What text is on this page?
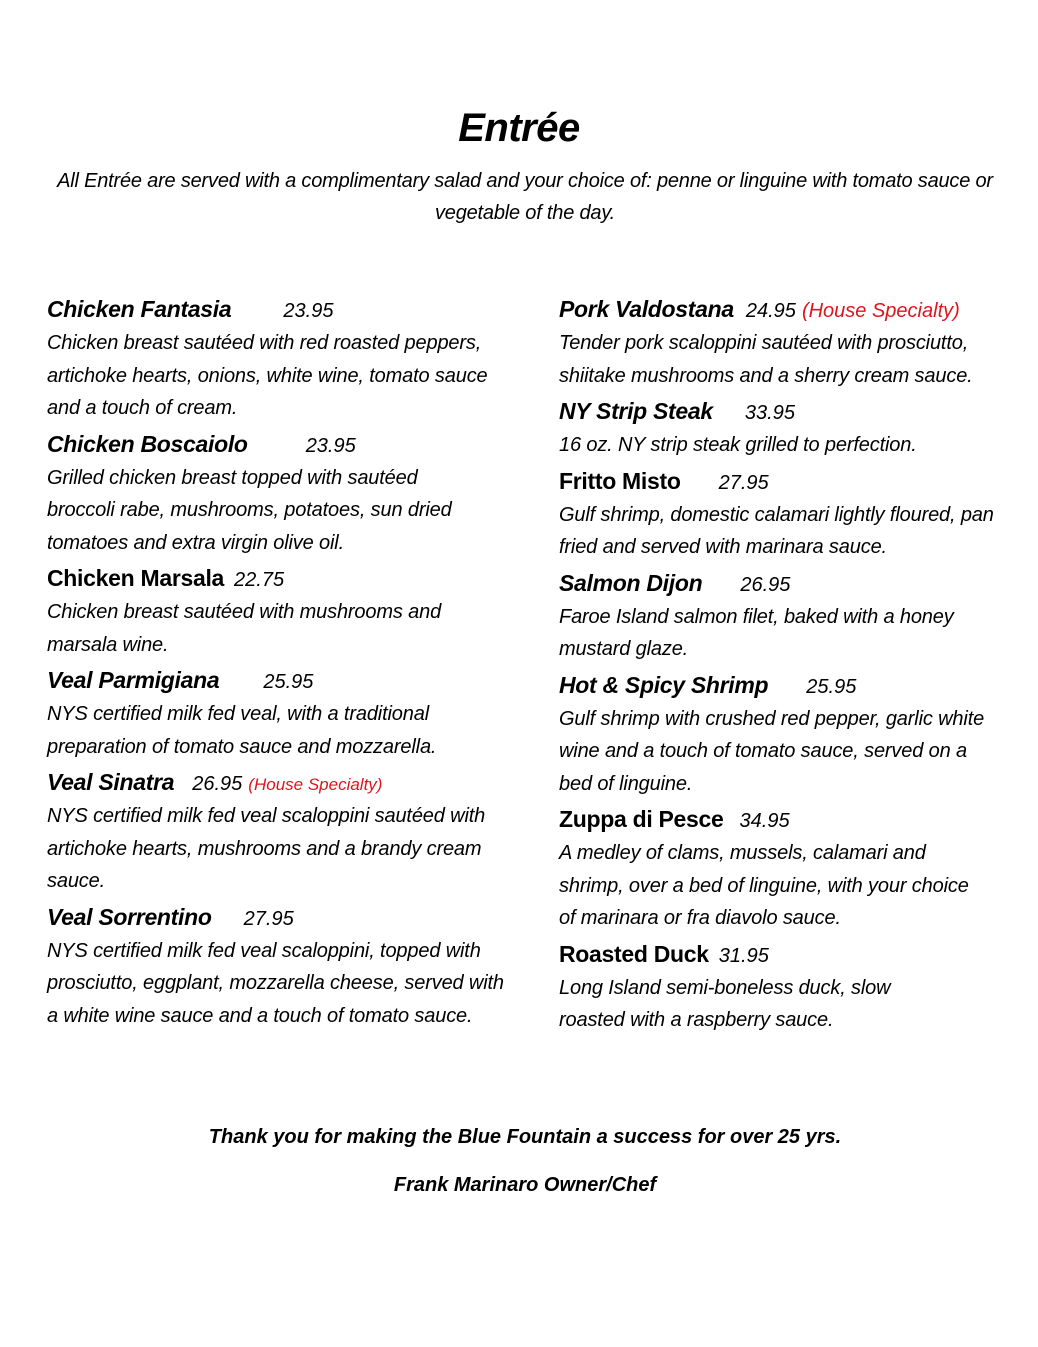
Entrée
All Entrée are served with a complimentary salad and your choice of: penne or linguine with tomato sauce or vegetable of the day.
Chicken Fantasia	23.95
Chicken breast sautéed with red roasted peppers, artichoke hearts, onions, white wine, tomato sauce and a touch of cream.
Chicken Boscaiolo	23.95
Grilled chicken breast topped with sautéed broccoli rabe, mushrooms, potatoes, sun dried tomatoes and extra virgin olive oil.
Chicken Marsala 22.75
Chicken breast sautéed with mushrooms and marsala wine.
Veal Parmigiana 25.95
NYS certified milk fed veal, with a traditional preparation of tomato sauce and mozzarella.
Veal Sinatra 26.95 (House Specialty)
NYS certified milk fed veal scaloppini sautéed with artichoke hearts, mushrooms and a brandy cream sauce.
Veal Sorrentino 27.95
NYS certified milk fed veal scaloppini, topped with prosciutto, eggplant, mozzarella cheese, served with a white wine sauce and a touch of tomato sauce.
Pork Valdostana 24.95 (House Specialty)
Tender pork scaloppini sautéed with prosciutto, shiitake mushrooms and a sherry cream sauce.
NY Strip Steak 33.95
16 oz. NY strip steak grilled to perfection.
Fritto Misto 27.95
Gulf shrimp, domestic calamari lightly floured, pan fried and served with marinara sauce.
Salmon Dijon 26.95
Faroe Island salmon filet, baked with a honey mustard glaze.
Hot & Spicy Shrimp 25.95
Gulf shrimp with crushed red pepper, garlic white wine and a touch of tomato sauce, served on a bed of linguine.
Zuppa di Pesce 34.95
A medley of clams, mussels, calamari and shrimp, over a bed of linguine, with your choice of marinara or fra diavolo sauce.
Roasted Duck 31.95
Long Island semi-boneless duck, slow roasted with a raspberry sauce.
Thank you for making the Blue Fountain a success for over 25 yrs.
Frank Marinaro Owner/Chef
